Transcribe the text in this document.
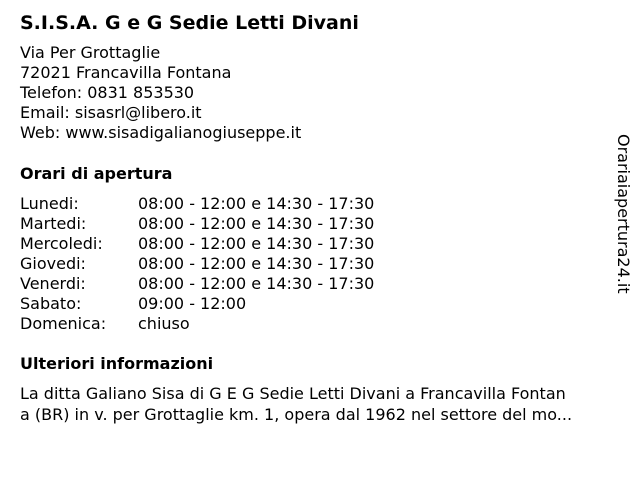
S.I.S.A. G e G Sedie Letti Divani
Via Per Grottaglie
72021 Francavilla Fontana
Telefon: 0831 853530
Email: sisasrl@libero.it
Web: www.sisadigalianogiuseppe.it
Orari di apertura
Lunedi:	08:00 - 12:00 e 14:30 - 17:30
Martedi:	08:00 - 12:00 e 14:30 - 17:30
Mercoledi: 08:00 - 12:00 e 14:30 - 17:30
Giovedi:	08:00 - 12:00 e 14:30 - 17:30
Venerdi:	08:00 - 12:00 e 14:30 - 17:30
Sabato:	09:00 - 12:00
Domenica: chiuso
Ulteriori informazioni
La ditta Galiano Sisa di G E G Sedie Letti Divani a Francavilla Fontan
a (BR) in v. per Grottaglie km. 1, opera dal 1962 nel settore del mo...
Orariaiapertura24.it
